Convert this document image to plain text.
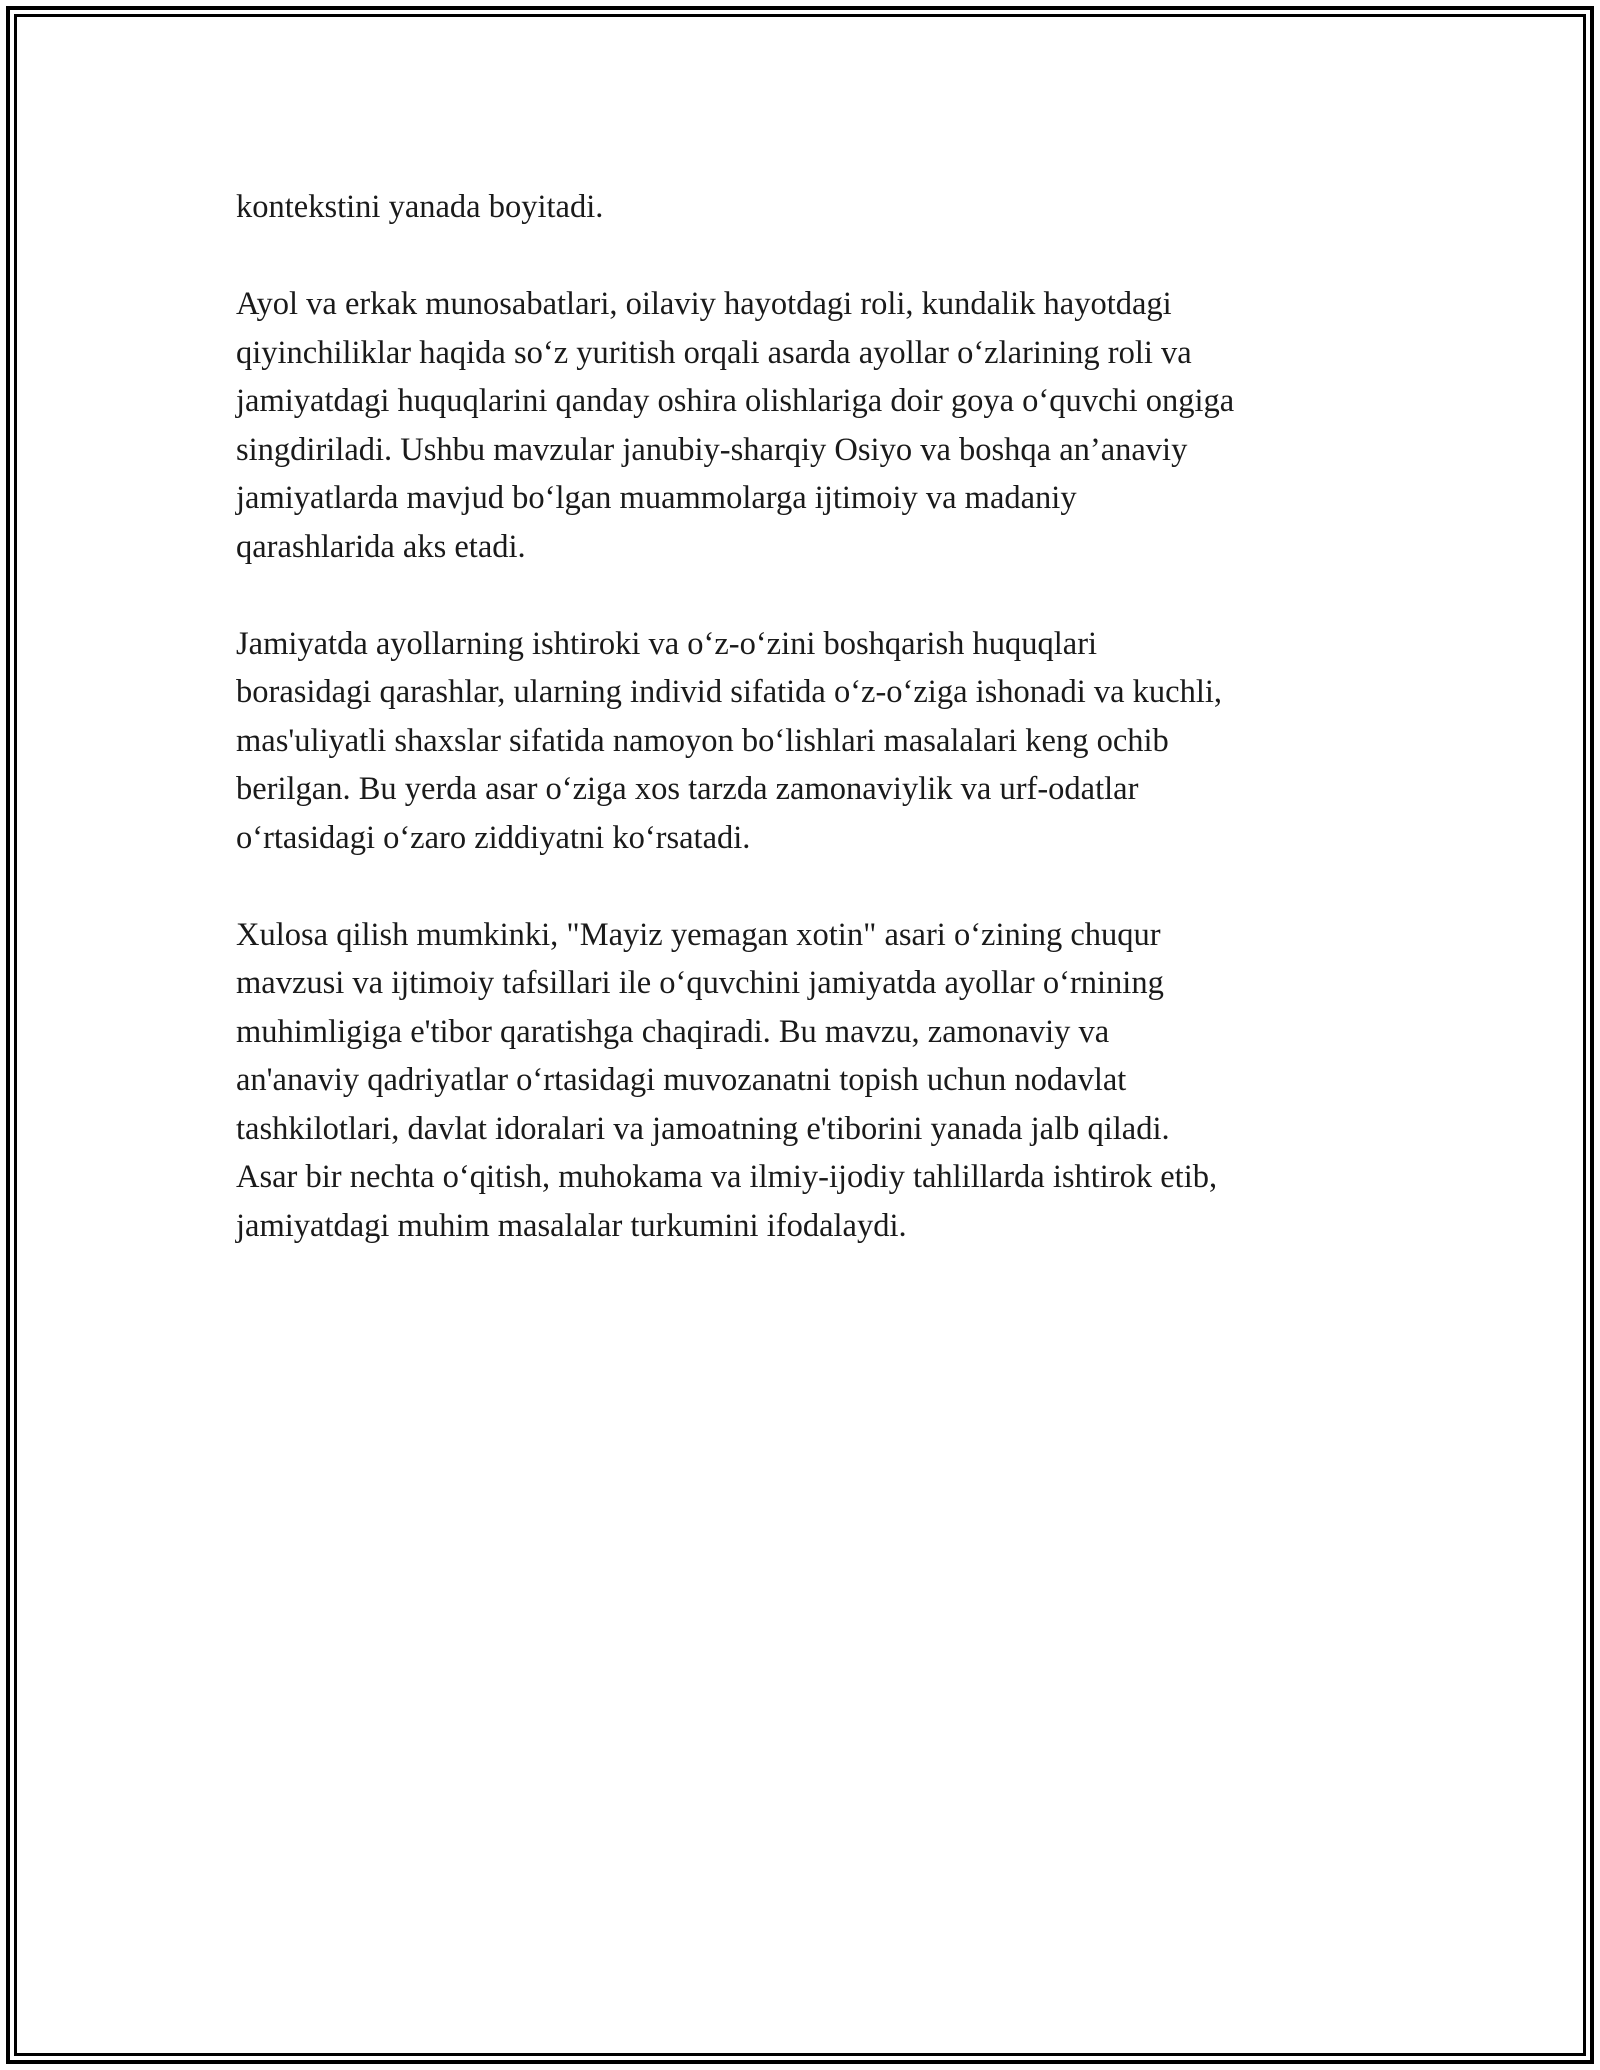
kontekstini yanada boyitadi.

Ayol va erkak munosabatlari, oilaviy hayotdagi roli, kundalik hayotdagi
qiyinchiliklar haqida so‘z yuritish orqali asarda ayollar o‘zlarining roli va
jamiyatdagi huquqlarini qanday oshira olishlariga doir goya o‘quvchi ongiga
singdiriladi. Ushbu mavzular janubiy-sharqiy Osiyo va boshqa an’anaviy
jamiyatlarda mavjud bo‘lgan muammolarga ijtimoiy va madaniy
qarashlarida aks etadi.

Jamiyatda ayollarning ishtiroki va o‘z-o‘zini boshqarish huquqlari
borasidagi qarashlar, ularning individ sifatida o‘z-o‘ziga ishonadi va kuchli,
mas'uliyatli shaxslar sifatida namoyon bo‘lishlari masalalari keng ochib
berilgan. Bu yerda asar o‘ziga xos tarzda zamonaviylik va urf-odatlar
o‘rtasidagi o‘zaro ziddiyatni ko‘rsatadi.

Xulosa qilish mumkinki, "Mayiz yemagan xotin" asari o‘zining chuqur
mavzusi va ijtimoiy tafsillari ile o‘quvchini jamiyatda ayollar o‘rnining
muhimligiga e'tibor qaratishga chaqiradi. Bu mavzu, zamonaviy va
an'anaviy qadriyatlar o‘rtasidagi muvozanatni topish uchun nodavlat
tashkilotlari, davlat idoralari va jamoatning e'tiborini yanada jalb qiladi.
Asar bir nechta o‘qitish, muhokama va ilmiy-ijodiy tahlillarda ishtirok etib,
jamiyatdagi muhim masalalar turkumini ifodalaydi.
